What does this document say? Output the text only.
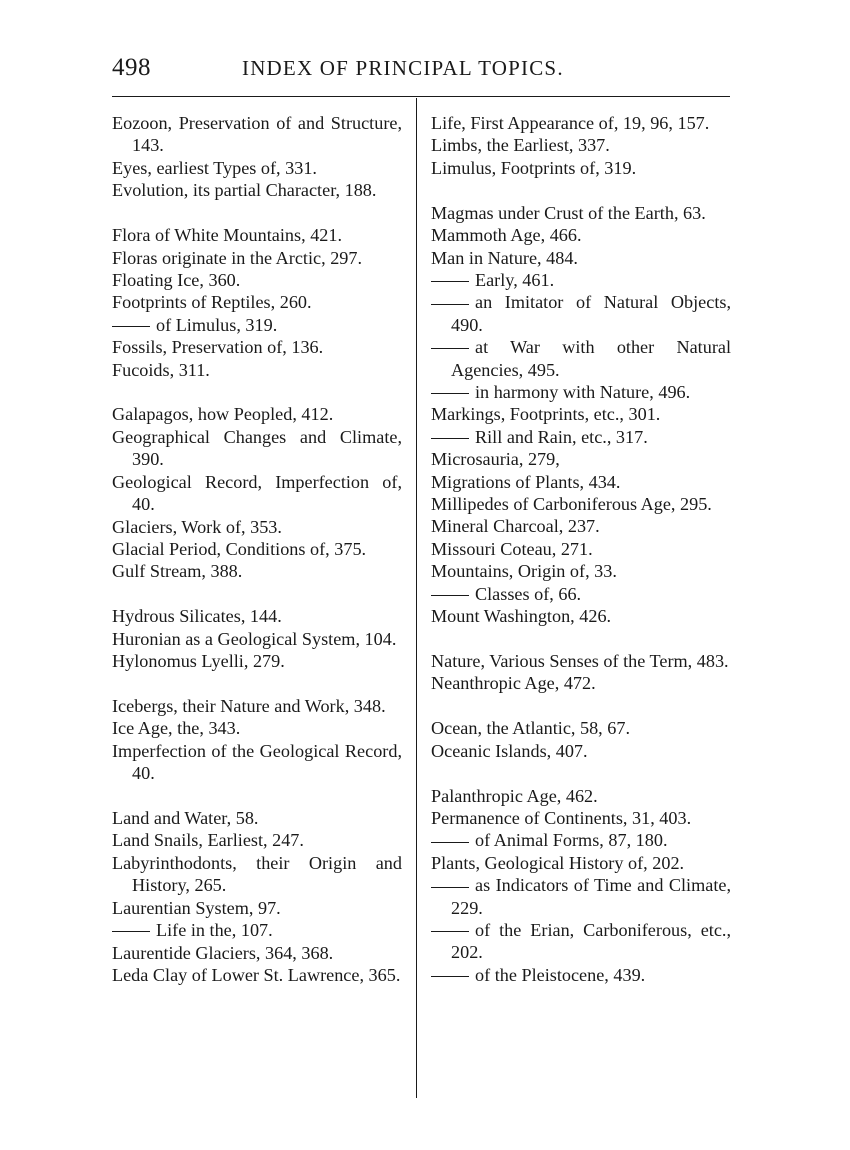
498	INDEX OF PRINCIPAL TOPICS.
Eozoon, Preservation of and Structure, 143.
Eyes, earliest Types of, 331.
Evolution, its partial Character, 188.
Flora of White Mountains, 421.
Floras originate in the Arctic, 297.
Floating Ice, 360.
Footprints of Reptiles, 260.
of Limulus, 319.
Fossils, Preservation of, 136.
Fucoids, 311.
Galapagos, how Peopled, 412.
Geographical Changes and Climate, 390.
Geological Record, Imperfection of, 40.
Glaciers, Work of, 353.
Glacial Period, Conditions of, 375.
Gulf Stream, 388.
Hydrous Silicates, 144.
Huronian as a Geological System, 104.
Hylonomus Lyelli, 279.
Icebergs, their Nature and Work, 348.
Ice Age, the, 343.
Imperfection of the Geological Record, 40.
Land and Water, 58.
Land Snails, Earliest, 247.
Labyrinthodonts, their Origin and History, 265.
Laurentian System, 97.
Life in the, 107.
Laurentide Glaciers, 364, 368.
Leda Clay of Lower St. Lawrence, 365.
Life, First Appearance of, 19, 96, 157.
Limbs, the Earliest, 337.
Limulus, Footprints of, 319.
Magmas under Crust of the Earth, 63.
Mammoth Age, 466.
Man in Nature, 484.
Early, 461.
an Imitator of Natural Objects, 490.
at War with other Natural Agencies, 495.
in harmony with Nature, 496.
Markings, Footprints, etc., 301.
Rill and Rain, etc., 317.
Microsauria, 279,
Migrations of Plants, 434.
Millipedes of Carboniferous Age, 295.
Mineral Charcoal, 237.
Missouri Coteau, 271.
Mountains, Origin of, 33.
Classes of, 66.
Mount Washington, 426.
Nature, Various Senses of the Term, 483.
Neanthropic Age, 472.
Ocean, the Atlantic, 58, 67.
Oceanic Islands, 407.
Palanthropic Age, 462.
Permanence of Continents, 31, 403.
of Animal Forms, 87, 180.
Plants, Geological History of, 202.
as Indicators of Time and Climate, 229.
of the Erian, Carboniferous, etc., 202.
of the Pleistocene, 439.
